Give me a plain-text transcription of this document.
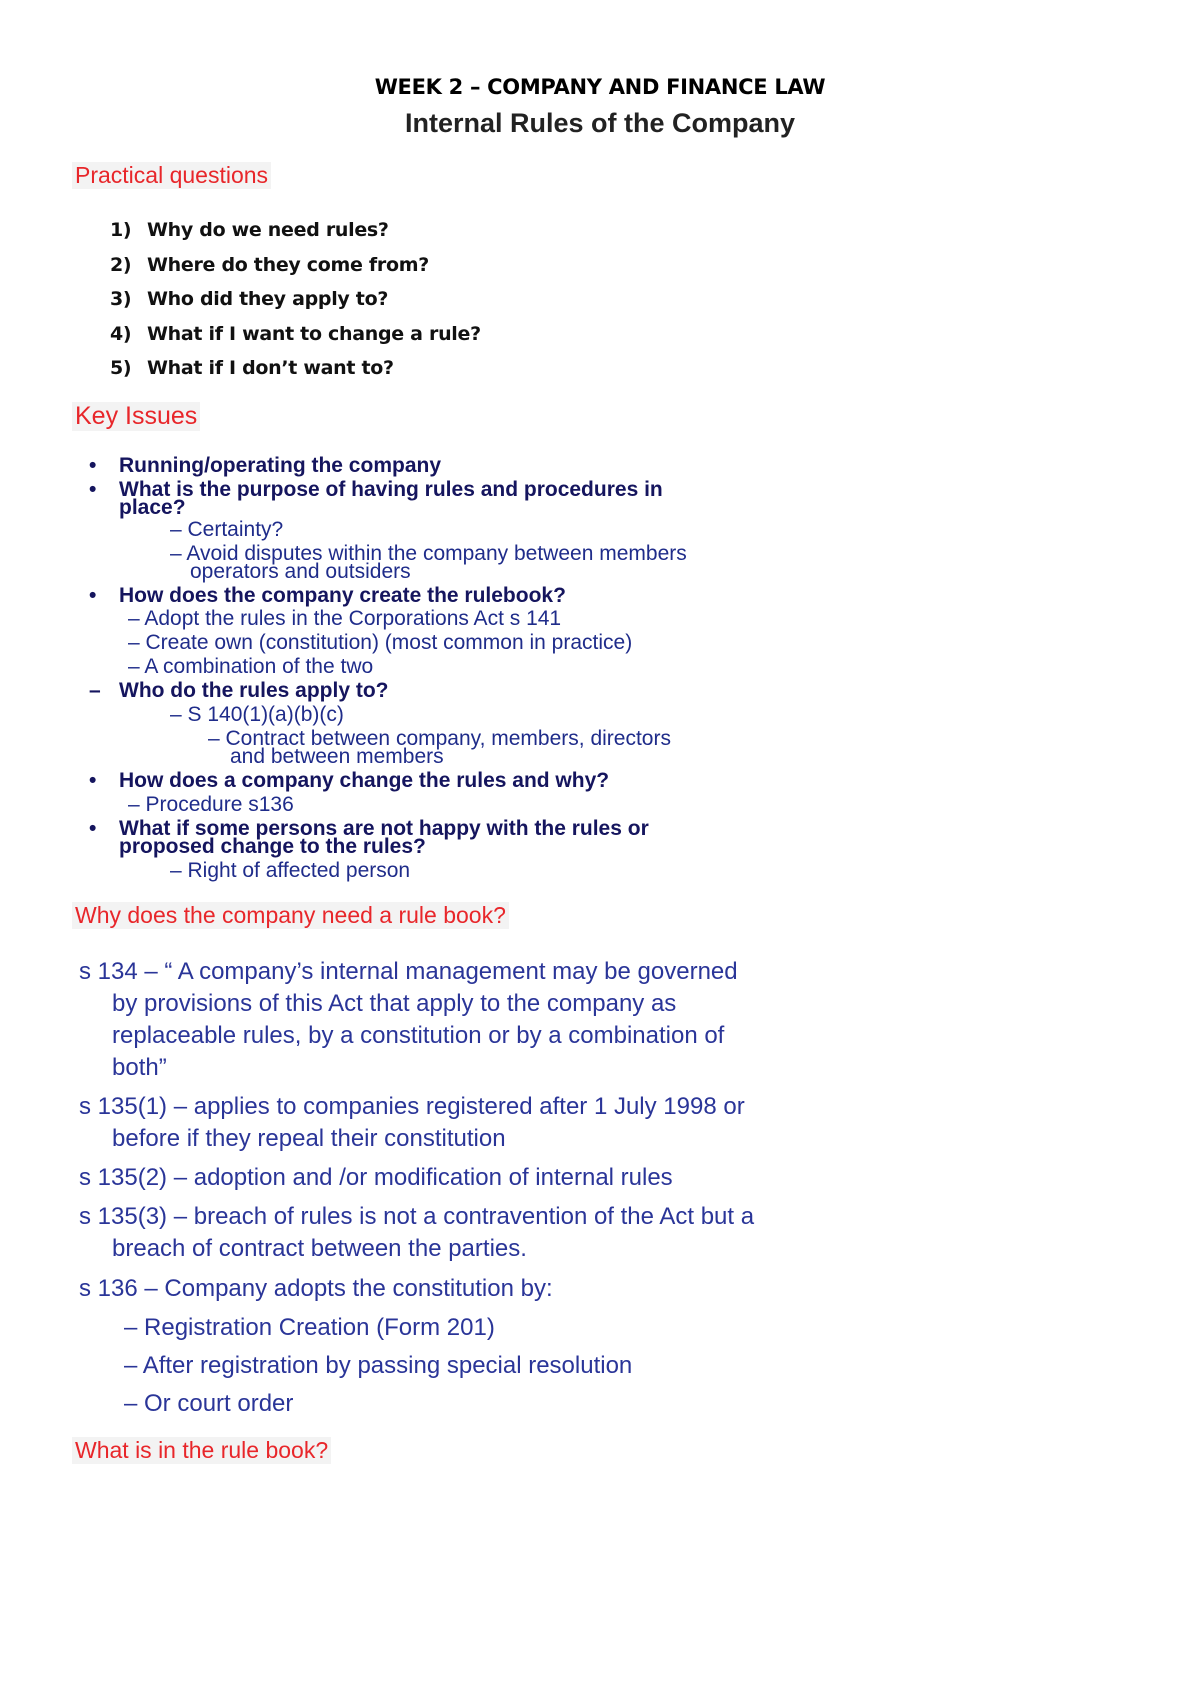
WEEK 2 – COMPANY AND FINANCE LAW
Internal Rules of the Company
Practical questions
1) Why do we need rules?
2) Where do they come from?
3) Who did they apply to?
4) What if I want to change a rule?
5) What if I don’t want to?
Key Issues
• Running/operating the company
• What is the purpose of having rules and procedures in
place?
– Certainty?
– Avoid disputes within the company between members
operators and outsiders
• How does the company create the rulebook?
– Adopt the rules in the Corporations Act s 141
– Create own (constitution) (most common in practice)
– A combination of the two
– Who do the rules apply to?
– S 140(1)(a)(b)(c)
– Contract between company, members, directors
and between members
• How does a company change the rules and why?
– Procedure s136
• What if some persons are not happy with the rules or
proposed change to the rules?
– Right of affected person
Why does the company need a rule book?
s 134 – “ A company’s internal management may be governed
by provisions of this Act that apply to the company as
replaceable rules, by a constitution or by a combination of
both”
s 135(1) – applies to companies registered after 1 July 1998 or
before if they repeal their constitution
s 135(2) – adoption and /or modification of internal rules
s 135(3) – breach of rules is not a contravention of the Act but a
breach of contract between the parties.
s 136 – Company adopts the constitution by:
– Registration Creation (Form 201)
– After registration by passing special resolution
– Or court order
What is in the rule book?
